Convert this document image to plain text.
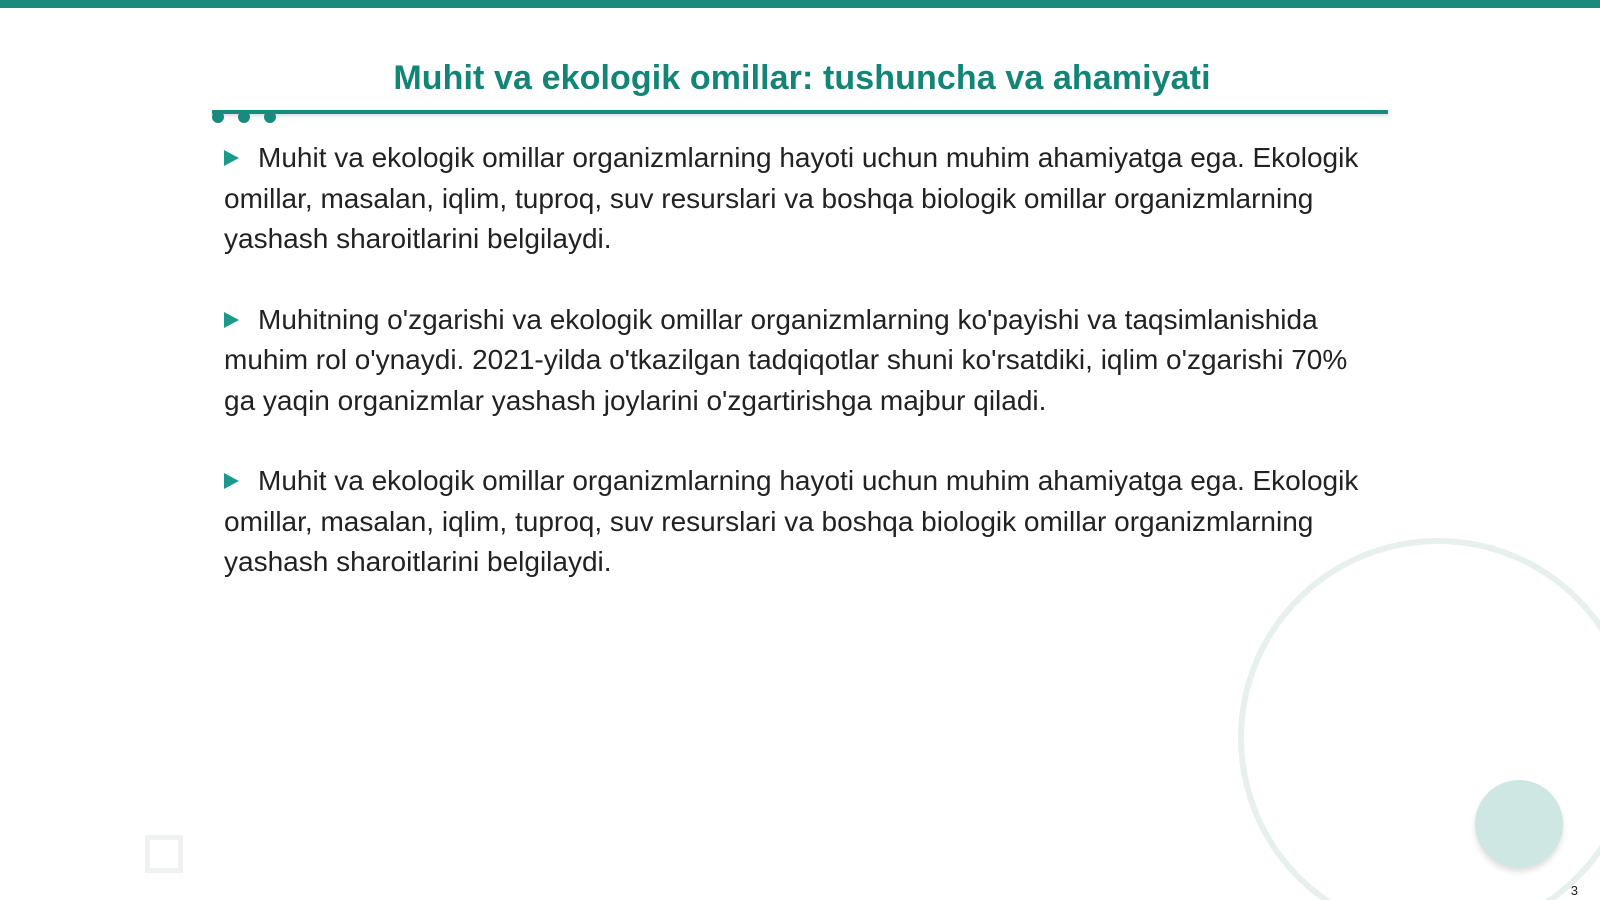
Muhit va ekologik omillar: tushuncha va ahamiyati

Muhit va ekologik omillar organizmlarning hayoti uchun muhim ahamiyatga ega. Ekologik omillar, masalan, iqlim, tuproq, suv resurslari va boshqa biologik omillar organizmlarning yashash sharoitlarini belgilaydi.

Muhitning o'zgarishi va ekologik omillar organizmlarning ko'payishi va taqsimlanishida muhim rol o'ynaydi. 2021-yilda o'tkazilgan tadqiqotlar shuni ko'rsatdiki, iqlim o'zgarishi 70% ga yaqin organizmlar yashash joylarini o'zgartirishga majbur qiladi.

Muhit va ekologik omillar organizmlarning hayoti uchun muhim ahamiyatga ega. Ekologik omillar, masalan, iqlim, tuproq, suv resurslari va boshqa biologik omillar organizmlarning yashash sharoitlarini belgilaydi.

3
